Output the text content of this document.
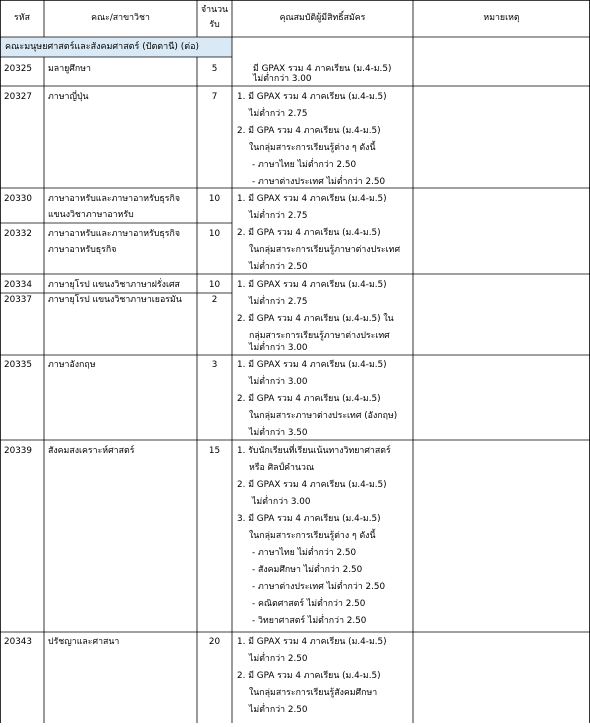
รหัส	คณะ/สาขาวิชา
จำนวน
รับ
คุณสมบัติผู้มีสิทธิ์สมัคร	หมายเหตุ
คณะมนุษยศาสตร์และสังคมศาสตร์ (ปัตตานี) (ต่อ)
20325 มลายูศึกษา	5	มี GPAX รวม 4 ภาคเรียน (ม.4-ม.5)
ไม่ต่ำกว่า 3.00
20327 ภาษาญี่ปุ่น	7	1. มี GPAX รวม 4 ภาคเรียน (ม.4-ม.5)
ไม่ต่ำกว่า 2.75
2. มี GPA รวม 4 ภาคเรียน (ม.4-ม.5)
ในกลุ่มสาระการเรียนรู้ต่าง ๆ ดังนี้
- ภาษาไทย ไม่ต่ำกว่า 2.50
- ภาษาต่างประเทศ ไม่ต่ำกว่า 2.50
20330 ภาษาอาหรับและภาษาอาหรับธุรกิจ
แขนงวิชาภาษาอาหรับ
10	1. มี GPAX รวม 4 ภาคเรียน (ม.4-ม.5)
ไม่ต่ำกว่า 2.75
2. มี GPA รวม 4 ภาคเรียน (ม.4-ม.5)
ในกลุ่มสาระการเรียนรู้ภาษาต่างประเทศ
ไม่ต่ำกว่า 2.50
20332 ภาษาอาหรับและภาษาอาหรับธุรกิจ
ภาษาอาหรับธุรกิจ
10
20334 ภาษายุโรป แขนงวิชาภาษาฝรั่งเศส	10	1. มี GPAX รวม 4 ภาคเรียน (ม.4-ม.5)
ไม่ต่ำกว่า 2.75
2. มี GPA รวม 4 ภาคเรียน (ม.4-ม.5) ใน
กลุ่มสาระการเรียนรู้ภาษาต่างประเทศ
ไม่ต่ำกว่า 3.00
20337 ภาษายุโรป แขนงวิชาภาษาเยอรมัน	2
20335 ภาษาอังกฤษ	3	1. มี GPAX รวม 4 ภาคเรียน (ม.4-ม.5)
ไม่ต่ำกว่า 3.00
2. มี GPA รวม 4 ภาคเรียน (ม.4-ม.5)
ในกลุ่มสาระภาษาต่างประเทศ (อังกฤษ)
ไม่ต่ำกว่า 3.50
20339 สังคมสงเคราะห์ศาสตร์	15	1. รับนักเรียนที่เรียนเน้นทางวิทยาศาสตร์
หรือ ศิลป์คำนวณ
2. มี GPAX รวม 4 ภาคเรียน (ม.4-ม.5)
ไม่ต่ำกว่า 3.00
3. มี GPA รวม 4 ภาคเรียน (ม.4-ม.5)
ในกลุ่มสาระการเรียนรู้ต่าง ๆ ดังนี้
- ภาษาไทย ไม่ต่ำกว่า 2.50
- สังคมศึกษา ไม่ต่ำกว่า 2.50
- ภาษาต่างประเทศ ไม่ต่ำกว่า 2.50
- คณิตศาสตร์ ไม่ต่ำกว่า 2.50
- วิทยาศาสตร์ ไม่ต่ำกว่า 2.50
20343 ปรัชญาและศาสนา	20	1. มี GPAX รวม 4 ภาคเรียน (ม.4-ม.5)
ไม่ต่ำกว่า 2.50
2. มี GPA รวม 4 ภาคเรียน (ม.4-ม.5)
ในกลุ่มสาระการเรียนรู้สังคมศึกษา
ไม่ต่ำกว่า 2.50
